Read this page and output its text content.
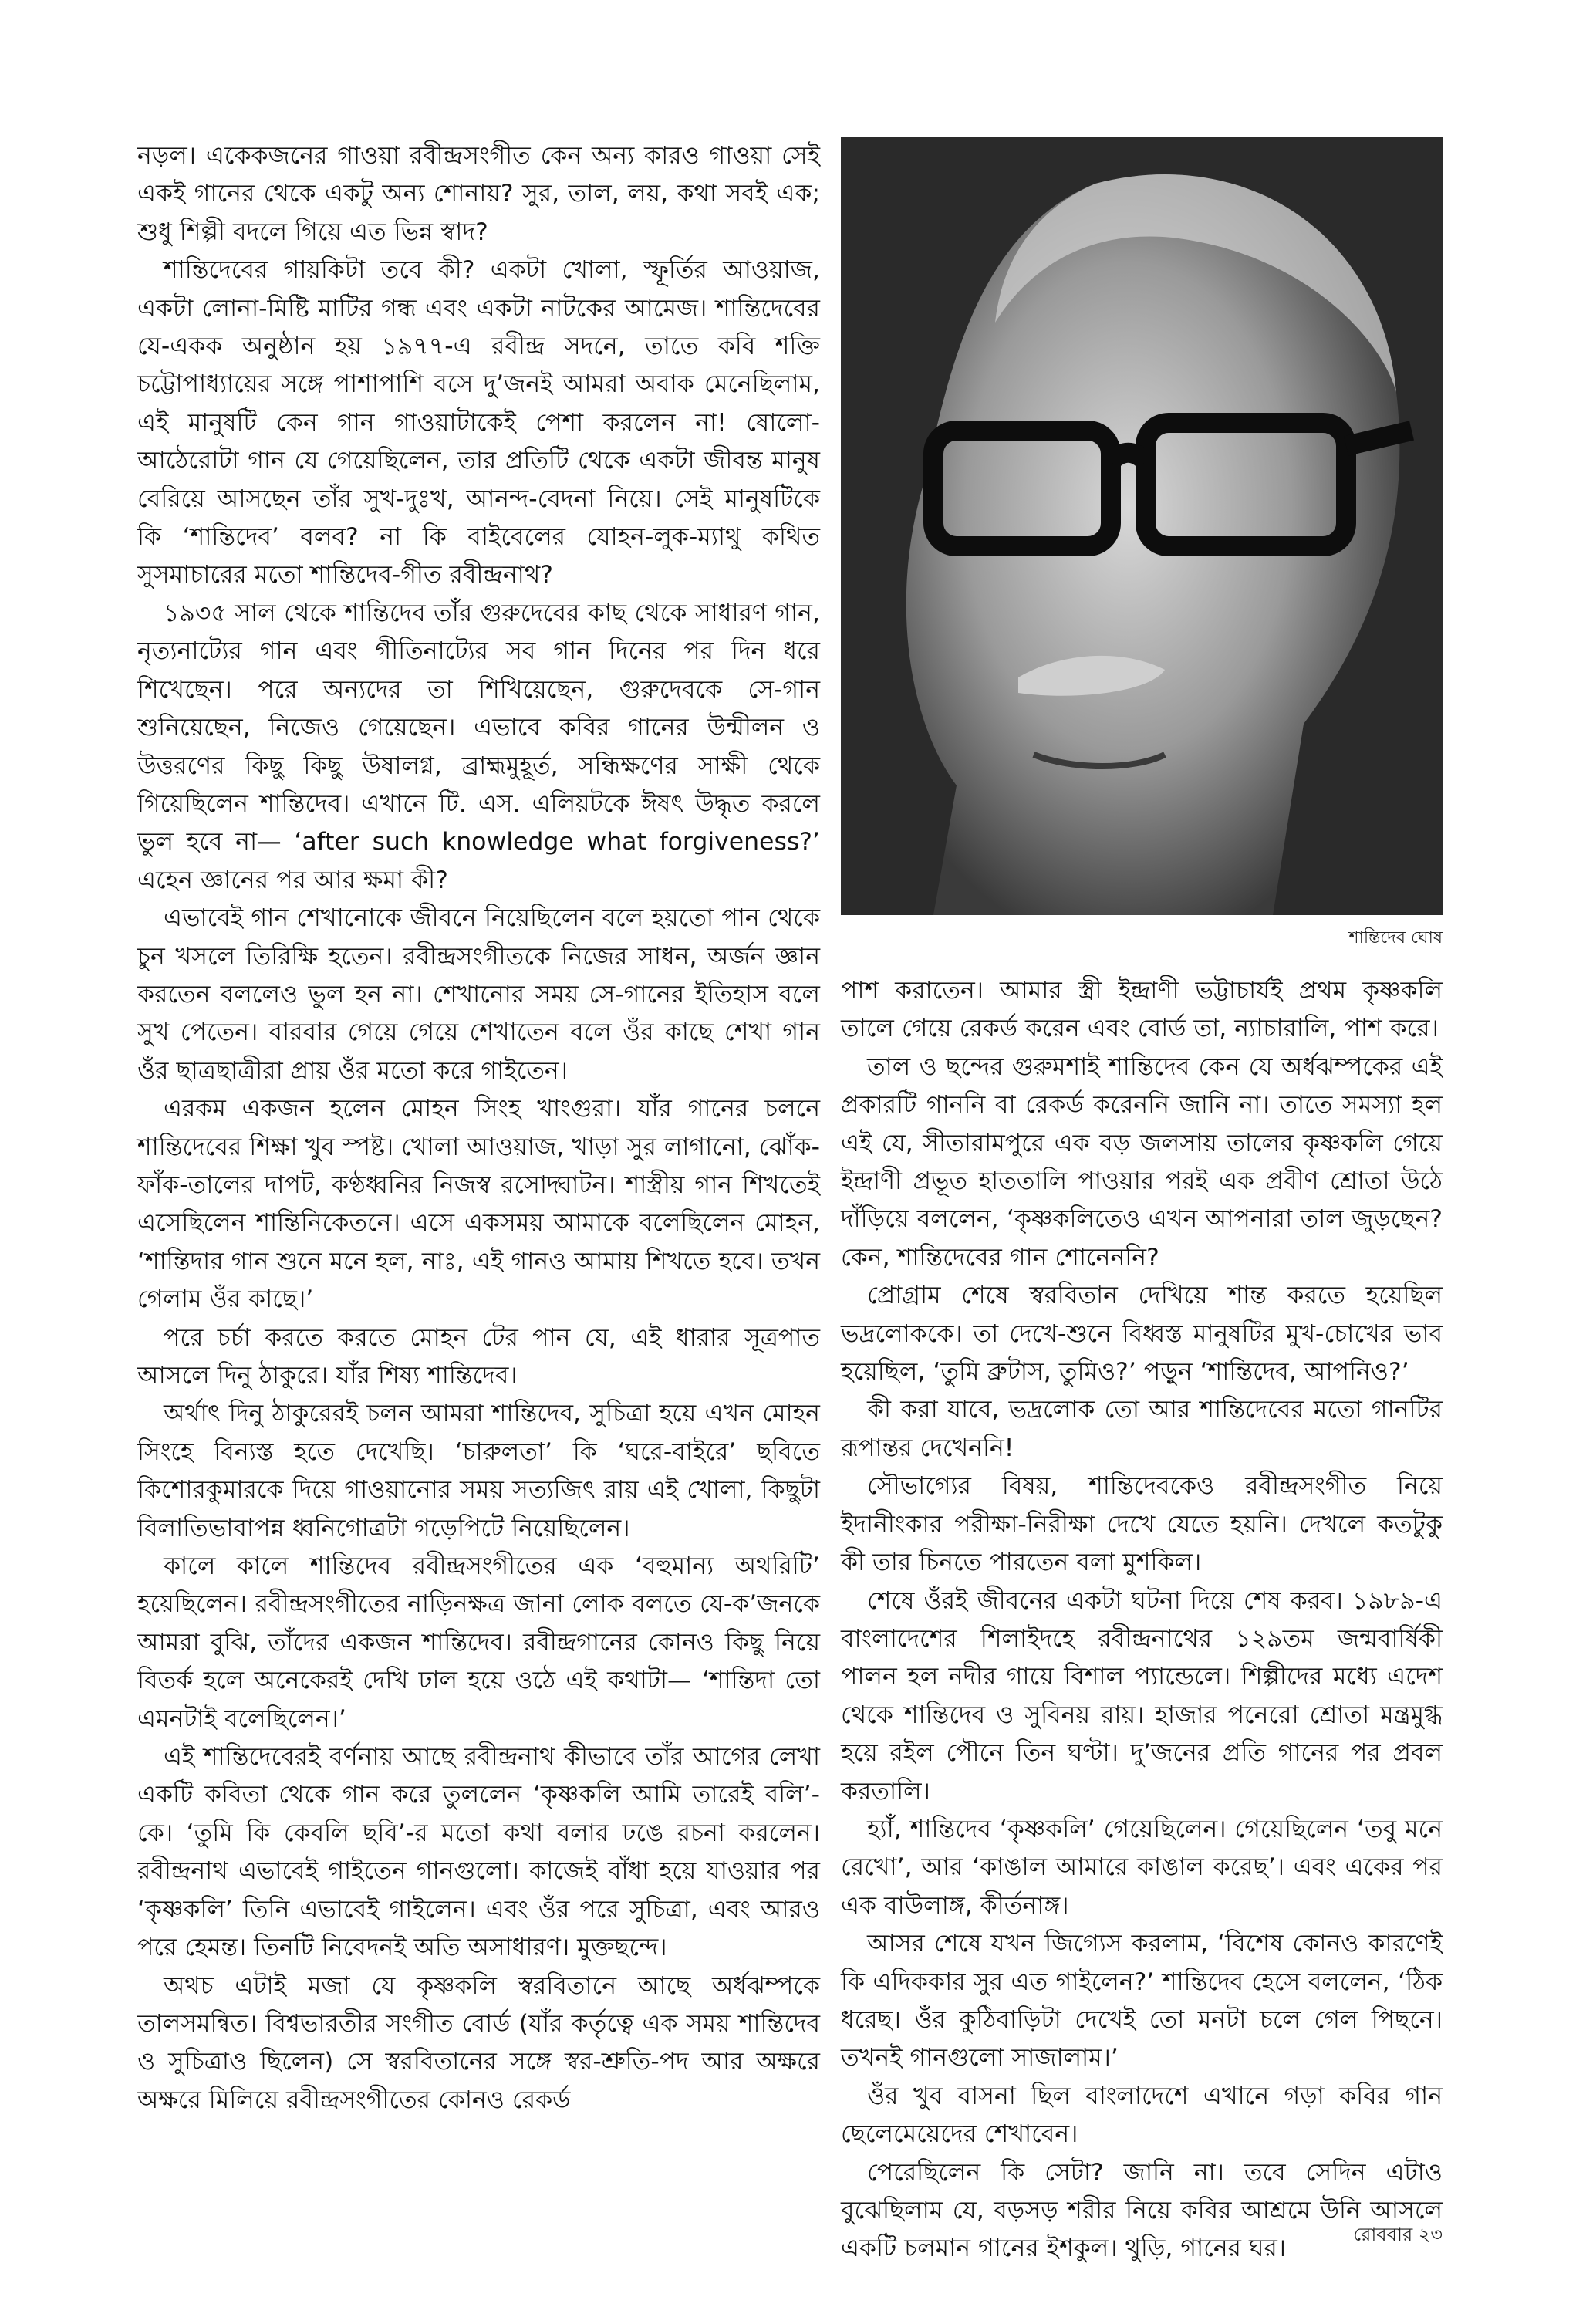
নড়ল। একেকজনের গাওয়া রবীন্দ্রসংগীত কেন অন্য কারও গাওয়া সেই একই গানের থেকে একটু অন্য শোনায়? সুর, তাল, লয়, কথা সবই এক; শুধু শিল্পী বদলে গিয়ে এত ভিন্ন স্বাদ?

শান্তিদেবের গায়কিটা তবে কী? একটা খোলা, স্ফূর্তির আওয়াজ, একটা লোনা-মিষ্টি মাটির গন্ধ এবং একটা নাটকের আমেজ। শান্তিদেবের যে-একক অনুষ্ঠান হয় ১৯৭৭-এ রবীন্দ্র সদনে, তাতে কবি শক্তি চট্টোপাধ্যায়ের সঙ্গে পাশাপাশি বসে দু’জনই আমরা অবাক মেনেছিলাম, এই মানুষটি কেন গান গাওয়াটাকেই পেশা করলেন না! ষোলো-আঠেরোটা গান যে গেয়েছিলেন, তার প্রতিটি থেকে একটা জীবন্ত মানুষ বেরিয়ে আসছেন তাঁর সুখ-দুঃখ, আনন্দ-বেদনা নিয়ে। সেই মানুষটিকে কি ‘শান্তিদেব’ বলব? না কি বাইবেলের যোহন-লুক-ম্যাথু কথিত সুসমাচারের মতো শান্তিদেব-গীত রবীন্দ্রনাথ?

১৯৩৫ সাল থেকে শান্তিদেব তাঁর গুরুদেবের কাছ থেকে সাধারণ গান, নৃত্যনাট্যের গান এবং গীতিনাট্যের সব গান দিনের পর দিন ধরে শিখেছেন। পরে অন্যদের তা শিখিয়েছেন, গুরুদেবকে সে-গান শুনিয়েছেন, নিজেও গেয়েছেন। এভাবে কবির গানের উন্মীলন ও উত্তরণের কিছু কিছু উষালগ্ন, ব্রাহ্মমুহূর্ত, সন্ধিক্ষণের সাক্ষী থেকে গিয়েছিলেন শান্তিদেব। এখানে টি. এস. এলিয়টকে ঈষৎ উদ্ধৃত করলে ভুল হবে না— ‘after such knowledge what forgiveness?’ এহেন জ্ঞানের পর আর ক্ষমা কী?

এভাবেই গান শেখানোকে জীবনে নিয়েছিলেন বলে হয়তো পান থেকে চুন খসলে তিরিক্ষি হতেন। রবীন্দ্রসংগীতকে নিজের সাধন, অর্জন জ্ঞান করতেন বললেও ভুল হন না। শেখানোর সময় সে-গানের ইতিহাস বলে সুখ পেতেন। বারবার গেয়ে গেয়ে শেখাতেন বলে ওঁর কাছে শেখা গান ওঁর ছাত্রছাত্রীরা প্রায় ওঁর মতো করে গাইতেন।

এরকম একজন হলেন মোহন সিংহ খাংগুরা। যাঁর গানের চলনে শান্তিদেবের শিক্ষা খুব স্পষ্ট। খোলা আওয়াজ, খাড়া সুর লাগানো, ঝোঁক-ফাঁক-তালের দাপট, কণ্ঠধ্বনির নিজস্ব রসোদ্ঘাটন। শাস্ত্রীয় গান শিখতেই এসেছিলেন শান্তিনিকেতনে। এসে একসময় আমাকে বলেছিলেন মোহন, ‘শান্তিদার গান শুনে মনে হল, নাঃ, এই গানও আমায় শিখতে হবে। তখন গেলাম ওঁর কাছে।’

পরে চর্চা করতে করতে মোহন টের পান যে, এই ধারার সূত্রপাত আসলে দিনু ঠাকুরে। যাঁর শিষ্য শান্তিদেব।

অর্থাৎ দিনু ঠাকুরেরই চলন আমরা শান্তিদেব, সুচিত্রা হয়ে এখন মোহন সিংহে বিন্যস্ত হতে দেখেছি। ‘চারুলতা’ কি ‘ঘরে-বাইরে’ ছবিতে কিশোরকুমারকে দিয়ে গাওয়ানোর সময় সত্যজিৎ রায় এই খোলা, কিছুটা বিলাতিভাবাপন্ন ধ্বনিগোত্রটা গড়েপিটে নিয়েছিলেন।

কালে কালে শান্তিদেব রবীন্দ্রসংগীতের এক ‘বহুমান্য অথরিটি’ হয়েছিলেন। রবীন্দ্রসংগীতের নাড়িনক্ষত্র জানা লোক বলতে যে-ক’জনকে আমরা বুঝি, তাঁদের একজন শান্তিদেব। রবীন্দ্রগানের কোনও কিছু নিয়ে বিতর্ক হলে অনেকেরই দেখি ঢাল হয়ে ওঠে এই কথাটা— ‘শান্তিদা তো এমনটাই বলেছিলেন।’

এই শান্তিদেবেরই বর্ণনায় আছে রবীন্দ্রনাথ কীভাবে তাঁর আগের লেখা একটি কবিতা থেকে গান করে তুললেন ‘কৃষ্ণকলি আমি তারেই বলি’-কে। ‘তুমি কি কেবলি ছবি’-র মতো কথা বলার ঢঙে রচনা করলেন। রবীন্দ্রনাথ এভাবেই গাইতেন গানগুলো। কাজেই বাঁধা হয়ে যাওয়ার পর ‘কৃষ্ণকলি’ তিনি এভাবেই গাইলেন। এবং ওঁর পরে সুচিত্রা, এবং আরও পরে হেমন্ত। তিনটি নিবেদনই অতি অসাধারণ। মুক্তছন্দে।

অথচ এটাই মজা যে কৃষ্ণকলি স্বরবিতানে আছে অর্ধঝম্পকে তালসমন্বিত। বিশ্বভারতীর সংগীত বোর্ড (যাঁর কর্তৃত্বে এক সময় শান্তিদেব ও সুচিত্রাও ছিলেন) সে স্বরবিতানের সঙ্গে স্বর-শ্রুতি-পদ আর অক্ষরে অক্ষরে মিলিয়ে রবীন্দ্রসংগীতের কোনও রেকর্ড

শান্তিদেব ঘোষ

পাশ করাতেন। আমার স্ত্রী ইন্দ্রাণী ভট্টাচার্যই প্রথম কৃষ্ণকলি তালে গেয়ে রেকর্ড করেন এবং বোর্ড তা, ন্যাচারালি, পাশ করে।

তাল ও ছন্দের গুরুমশাই শান্তিদেব কেন যে অর্ধঝম্পকের এই প্রকারটি গাননি বা রেকর্ড করেননি জানি না। তাতে সমস্যা হল এই যে, সীতারামপুরে এক বড় জলসায় তালের কৃষ্ণকলি গেয়ে ইন্দ্রাণী প্রভূত হাততালি পাওয়ার পরই এক প্রবীণ শ্রোতা উঠে দাঁড়িয়ে বললেন, ‘কৃষ্ণকলিতেও এখন আপনারা তাল জুড়ছেন? কেন, শান্তিদেবের গান শোনেননি?

প্রোগ্রাম শেষে স্বরবিতান দেখিয়ে শান্ত করতে হয়েছিল ভদ্রলোককে। তা দেখে-শুনে বিধ্বস্ত মানুষটির মুখ-চোখের ভাব হয়েছিল, ‘তুমি ব্রুটাস, তুমিও?’ পড়ুন ‘শান্তিদেব, আপনিও?’

কী করা যাবে, ভদ্রলোক তো আর শান্তিদেবের মতো গানটির রূপান্তর দেখেননি!

সৌভাগ্যের বিষয়, শান্তিদেবকেও রবীন্দ্রসংগীত নিয়ে ইদানীংকার পরীক্ষা-নিরীক্ষা দেখে যেতে হয়নি। দেখলে কতটুকু কী তার চিনতে পারতেন বলা মুশকিল।

শেষে ওঁরই জীবনের একটা ঘটনা দিয়ে শেষ করব। ১৯৮৯-এ বাংলাদেশের শিলাইদহে রবীন্দ্রনাথের ১২৯তম জন্মবার্ষিকী পালন হল নদীর গায়ে বিশাল প্যান্ডেলে। শিল্পীদের মধ্যে এদেশ থেকে শান্তিদেব ও সুবিনয় রায়। হাজার পনেরো শ্রোতা মন্ত্রমুগ্ধ হয়ে রইল পৌনে তিন ঘণ্টা। দু’জনের প্রতি গানের পর প্রবল করতালি।

হ্যাঁ, শান্তিদেব ‘কৃষ্ণকলি’ গেয়েছিলেন। গেয়েছিলেন ‘তবু মনে রেখো’, আর ‘কাঙাল আমারে কাঙাল করেছ’। এবং একের পর এক বাউলাঙ্গ, কীর্তনাঙ্গ।

আসর শেষে যখন জিগ্যেস করলাম, ‘বিশেষ কোনও কারণেই কি এদিককার সুর এত গাইলেন?’ শান্তিদেব হেসে বললেন, ‘ঠিক ধরেছ। ওঁর কুঠিবাড়িটা দেখেই তো মনটা চলে গেল পিছনে। তখনই গানগুলো সাজালাম।’

ওঁর খুব বাসনা ছিল বাংলাদেশে এখানে গড়া কবির গান ছেলেমেয়েদের শেখাবেন।

পেরেছিলেন কি সেটা? জানি না। তবে সেদিন এটাও বুঝেছিলাম যে, বড়সড় শরীর নিয়ে কবির আশ্রমে উনি আসলে একটি চলমান গানের ইশকুল। থুড়ি, গানের ঘর।

রোববার ২৩
